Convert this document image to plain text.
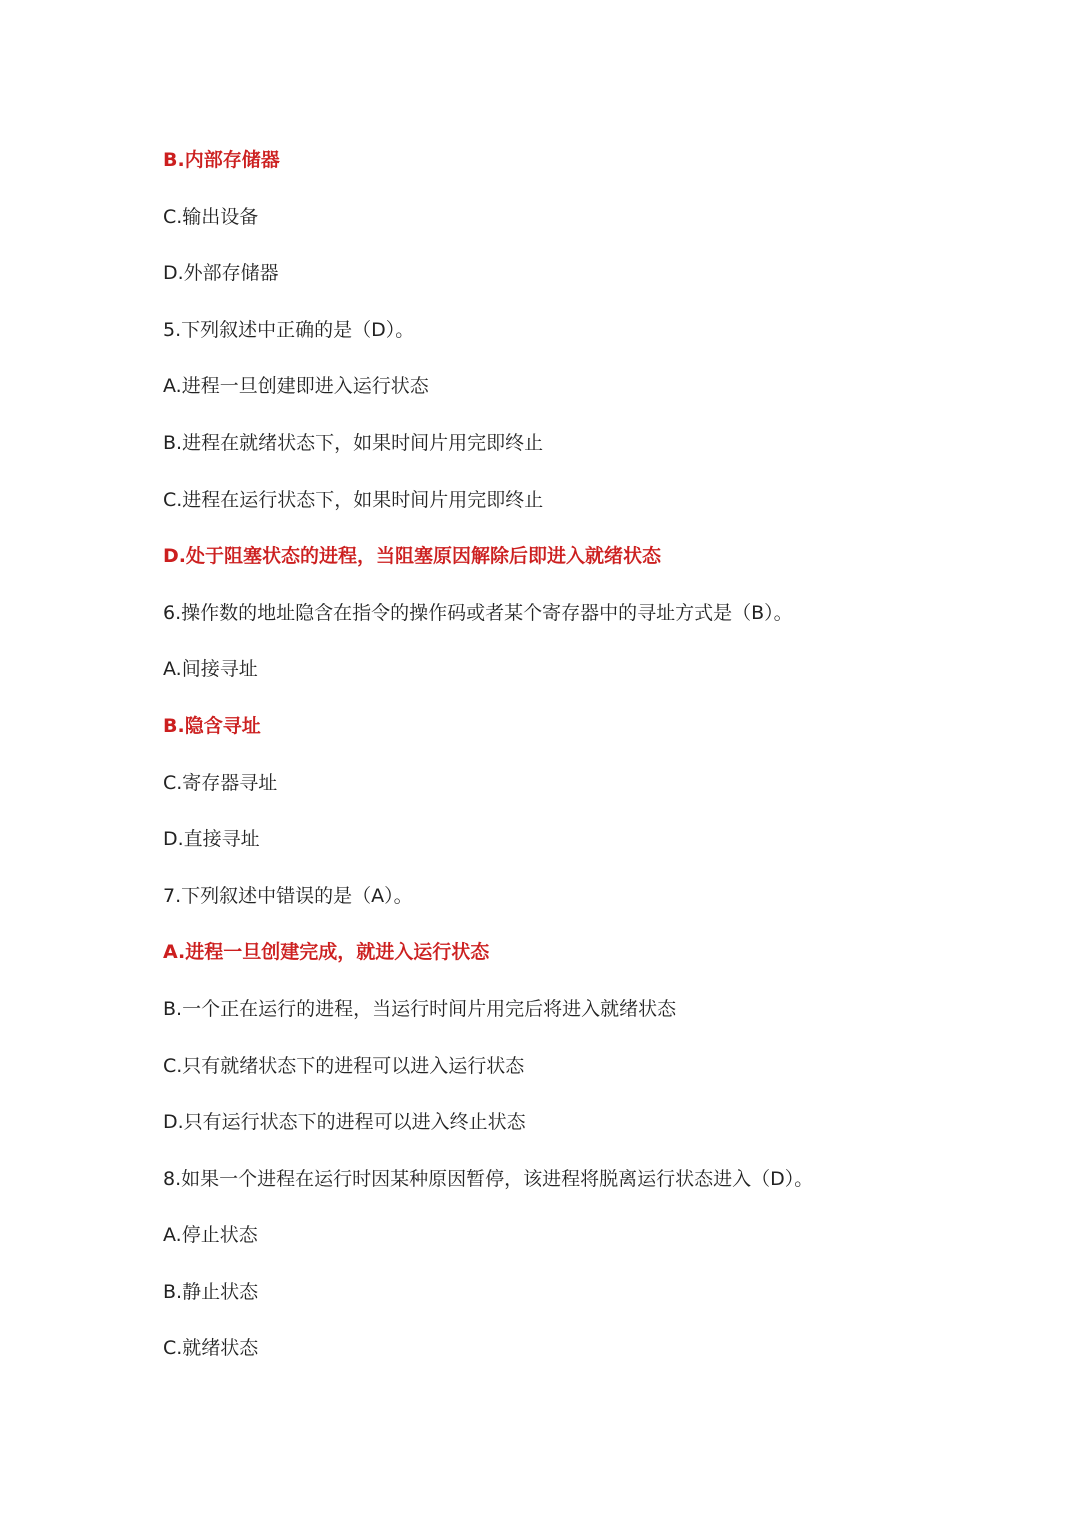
B.内部存储器
C.输出设备
D.外部存储器
5.下列叙述中正确的是（D）。
A.进程一旦创建即进入运行状态
B.进程在就绪状态下，如果时间片用完即终止
C.进程在运行状态下，如果时间片用完即终止
D.处于阻塞状态的进程，当阻塞原因解除后即进入就绪状态
6.操作数的地址隐含在指令的操作码或者某个寄存器中的寻址方式是（B）。
A.间接寻址
B.隐含寻址
C.寄存器寻址
D.直接寻址
7.下列叙述中错误的是（A）。
A.进程一旦创建完成，就进入运行状态
B.一个正在运行的进程，当运行时间片用完后将进入就绪状态
C.只有就绪状态下的进程可以进入运行状态
D.只有运行状态下的进程可以进入终止状态
8.如果一个进程在运行时因某种原因暂停，该进程将脱离运行状态进入（D）。
A.停止状态
B.静止状态
C.就绪状态
